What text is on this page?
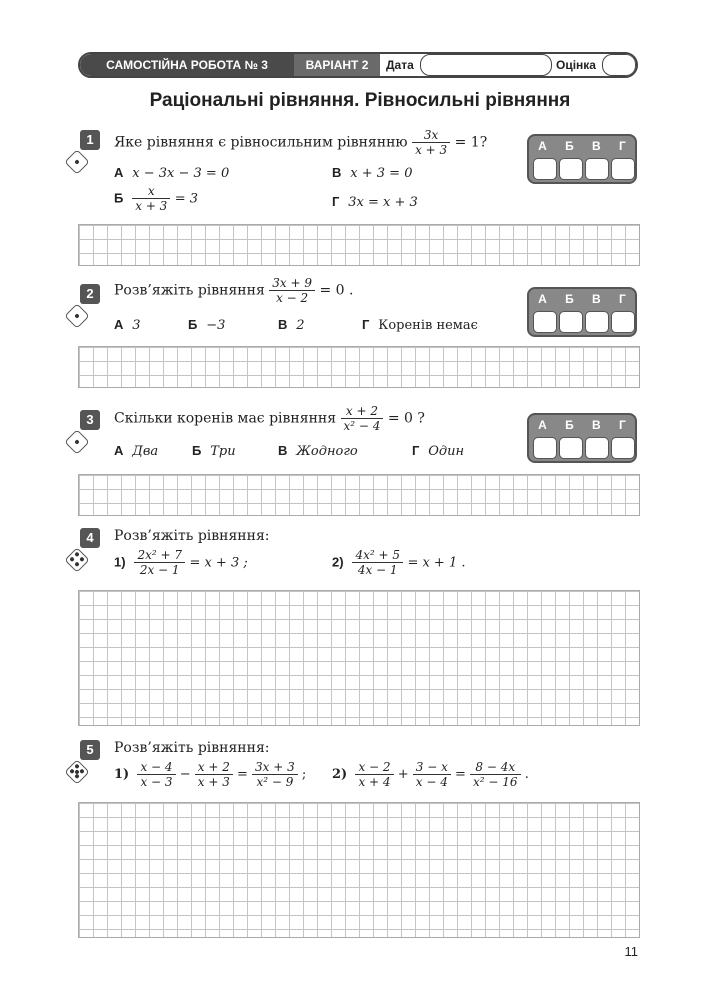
САМОСТІЙНА РОБОТА № 3	ВАРІАНТ 2	Дата	Оцінка
Раціональні рівняння. Рівносильні рівняння
1	Яке рівняння є рівносильним рівнянню $\frac{3x}{x + 3} = 1$?
А x − 3x − 3 = 0	В x + 3 = 0
Б $\frac{x}{x + 3} = 3$	Г 3x = x + 3
А Б В Г
2	Розв’яжіть рівняння $\frac{3x + 9}{x - 2} = 0$ .
А 3	Б −3	В 2	Г Коренів немає
А Б В Г
3	Скільки коренів має рівняння $\frac{x + 2}{\text{x² − 4}} = 0$ ?
А Два	Б Три	В Жодного	Г Один
А Б В Г
4	Розв’яжіть рівняння:
$1) \frac{\text{2x² + 7}}{2x - 1} = x + 3$ ;	$2) \frac{\text{4x² + 5}}{4x - 1} = x + 1$ .
5	Розв’яжіть рівняння:
$1) \frac{x - 4}{x - 3} - \frac{x + 2}{x + 3} = \frac{3x + 3}{\text{x² − 9}}$ ; $2) \frac{x - 2}{x + 4} + \frac{3 - x}{x - 4} = \frac{8 - 4x}{\text{x² − 16}}$ .
11
